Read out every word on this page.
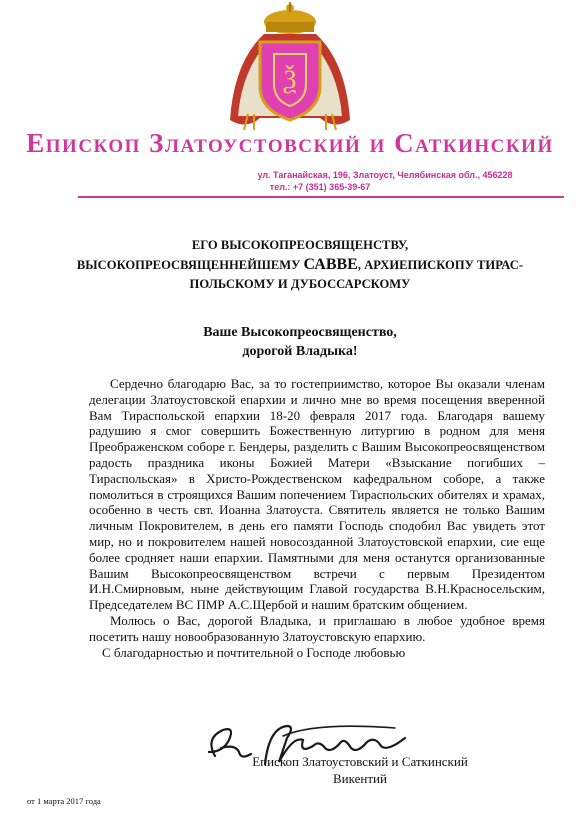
Ѯ
Епископ Златоустовский и Саткинский
ул. Таганайская, 196, Златоуст, Челябинская обл., 456228
тел.: +7 (351) 365-39-67
ЕГО ВЫСОКОПРЕОСВЯЩЕНСТВУ,
ВЫСОКОПРЕОСВЯЩЕННЕЙШЕМУ САВВЕ, АРХИЕПИСКОПУ ТИРАС-
ПОЛЬСКОМУ И ДУБОССАРСКОМУ
Ваше Высокопреосвященство,
дорогой Владыка!

Сердечно благодарю Вас, за то гостеприимство, которое Вы оказали членам делегации Златоустовской епархии и лично мне во время посещения вверенной Вам Тираспольской епархии 18-20 февраля 2017 года. Благодаря вашему радушию я смог совершить Божественную литургию в родном для меня Преображенском соборе г. Бендеры, разделить с Вашим Высокопреосвященством радость праздника иконы Божией Матери «Взыскание погибших – Тираспольская» в Христо-Рождественском кафедральном соборе, а также помолиться в строящихся Вашим попечением Тираспольских обителях и храмах, особенно в честь свт. Иоанна Златоуста. Святитель является не только Вашим личным Покровителем, в день его памяти Господь сподобил Вас увидеть этот мир, но и покровителем нашей новосозданной Златоустовской епархии, сие еще более сродняет наши епархии. Памятными для меня останутся организованные Вашим Высокопреосвященством встречи с первым Президентом И.Н.Смирновым, ныне действующим Главой государства В.Н.Красносельским, Председателем ВС ПМР А.С.Щербой и нашим братским общением.

Молюсь о Вас, дорогой Владыка, и приглашаю в любое удобное время посетить нашу новообразованную Златоустовскую епархию.

С благодарностью и почтительной о Господе любовью

Епископ Златоустовский и Саткинский
Викентий
от 1 марта 2017 года
